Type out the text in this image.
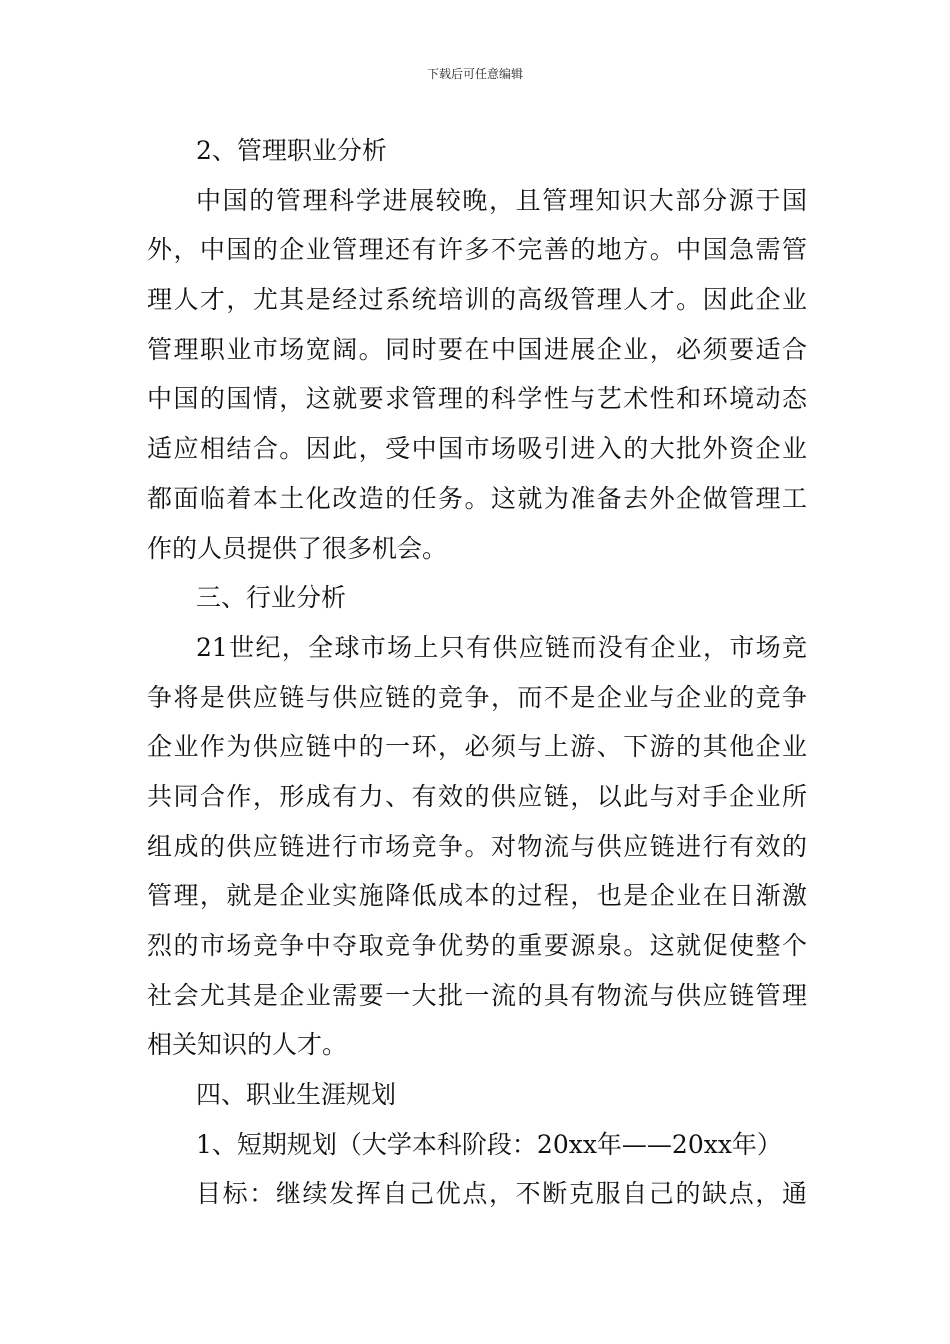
下载后可任意编辑
2、管理职业分析
中国的管理科学进展较晚，且管理知识大部分源于国
外，中国的企业管理还有许多不完善的地方。中国急需管
理人才，尤其是经过系统培训的高级管理人才。因此企业
管理职业市场宽阔。同时要在中国进展企业，必须要适合
中国的国情，这就要求管理的科学性与艺术性和环境动态
适应相结合。因此，受中国市场吸引进入的大批外资企业
都面临着本土化改造的任务。这就为准备去外企做管理工
作的人员提供了很多机会。
三、行业分析
21世纪，全球市场上只有供应链而没有企业，市场竞
争将是供应链与供应链的竞争，而不是企业与企业的竞争
企业作为供应链中的一环，必须与上游、下游的其他企业
共同合作，形成有力、有效的供应链，以此与对手企业所
组成的供应链进行市场竞争。对物流与供应链进行有效的
管理，就是企业实施降低成本的过程，也是企业在日渐激
烈的市场竞争中夺取竞争优势的重要源泉。这就促使整个
社会尤其是企业需要一大批一流的具有物流与供应链管理
相关知识的人才。
四、职业生涯规划
1、短期规划（大学本科阶段：20xx年——20xx年）
目标：继续发挥自己优点，不断克服自己的缺点，通
